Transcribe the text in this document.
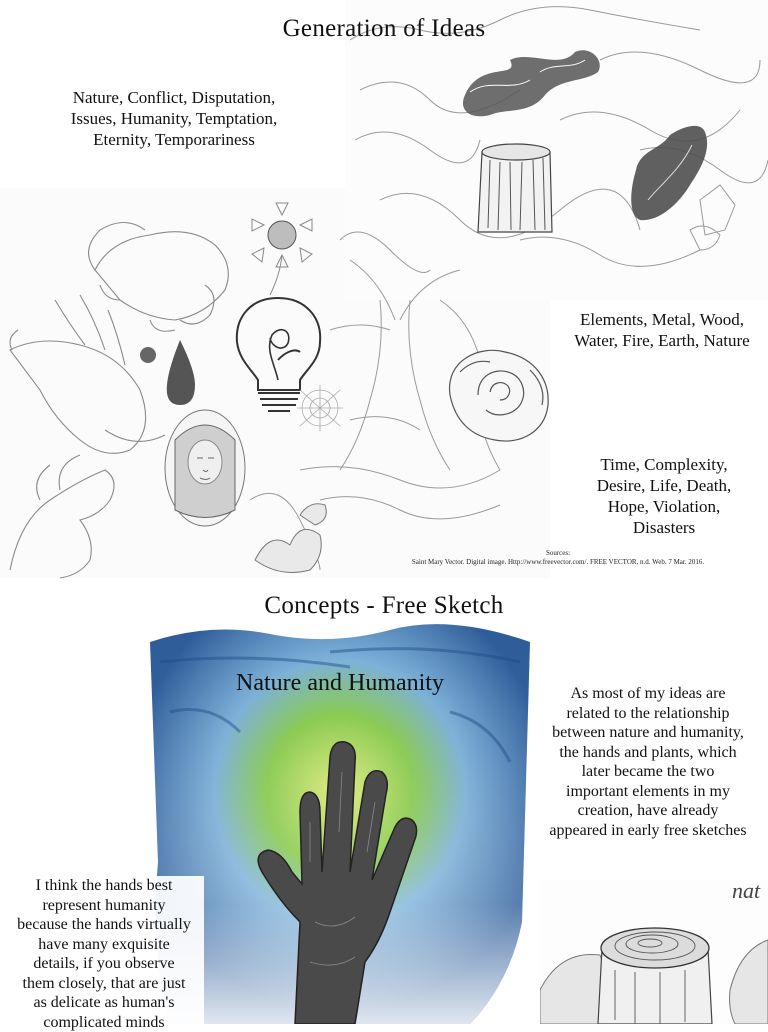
Generation of Ideas
Nature, Conflict, Disputation,
Issues, Humanity, Temptation,
Eternity, Temporariness
Elements, Metal, Wood,
Water, Fire, Earth, Nature
Time, Complexity,
Desire, Life, Death,
Hope, Violation,
Disasters
Sources:
Saint Mary Vector. Digital image. Http://www.freevector.com/. FREE VECTOR, n.d. Web. 7 Mar. 2016.
Concepts - Free Sketch
Nature and Humanity	As most of my ideas are
related to the relationship
between nature and humanity,
the hands and plants, which
later became the two
important elements in my
creation, have already
appeared in early free sketches
I think the hands best
represent humanity
because the hands virtually
have many exquisite
details, if you observe
them closely, that are just
as delicate as human's
complicated minds
nat
